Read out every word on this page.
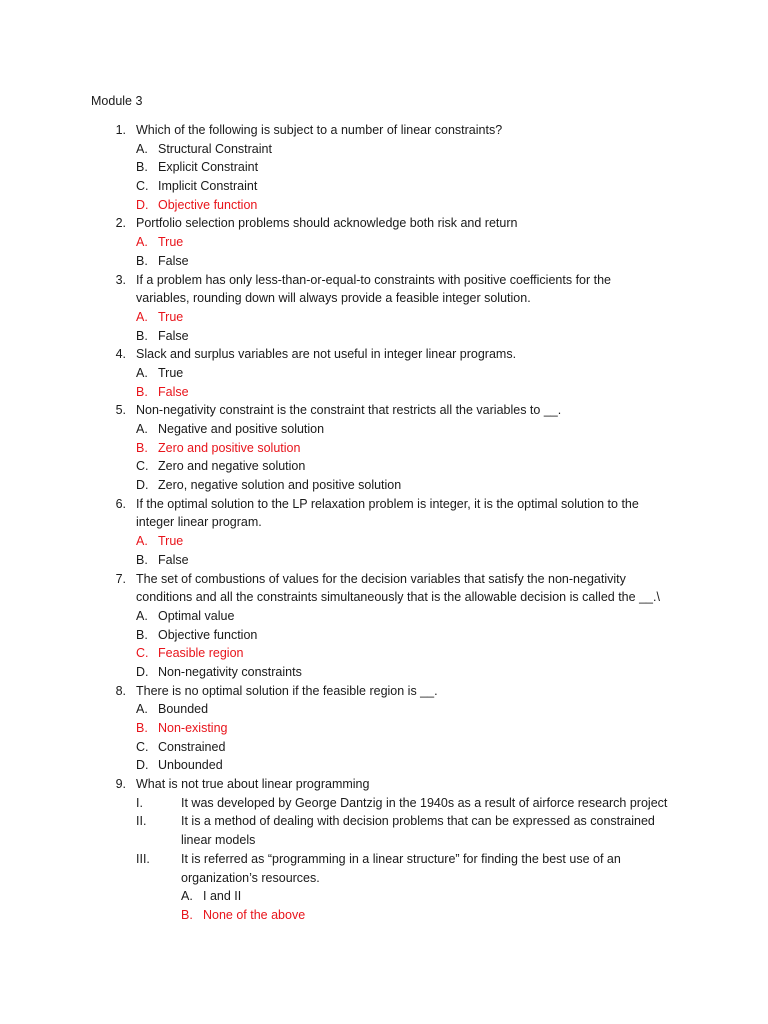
Module 3
1. Which of the following is subject to a number of linear constraints?
A. Structural Constraint
B. Explicit Constraint
C. Implicit Constraint
D. Objective function
2. Portfolio selection problems should acknowledge both risk and return
A. True
B. False
3. If a problem has only less-than-or-equal-to constraints with positive coefficients for the
variables, rounding down will always provide a feasible integer solution.
A. True
B. False
4. Slack and surplus variables are not useful in integer linear programs.
A. True
B. False
5. Non-negativity constraint is the constraint that restricts all the variables to __.
A. Negative and positive solution
B. Zero and positive solution
C. Zero and negative solution
D. Zero, negative solution and positive solution
6. If the optimal solution to the LP relaxation problem is integer, it is the optimal solution to the
integer linear program.
A. True
B. False
7. The set of combustions of values for the decision variables that satisfy the non-negativity
conditions and all the constraints simultaneously that is the allowable decision is called the __.\
A. Optimal value
B. Objective function
C. Feasible region
D. Non-negativity constraints
8. There is no optimal solution if the feasible region is __.
A. Bounded
B. Non-existing
C. Constrained
D. Unbounded
9. What is not true about linear programming
I.	It was developed by George Dantzig in the 1940s as a result of airforce research project
II.	It is a method of dealing with decision problems that can be expressed as constrained
linear models
III. It is referred as “programming in a linear structure” for finding the best use of an
organization’s resources.
A. I and II
B. None of the above
